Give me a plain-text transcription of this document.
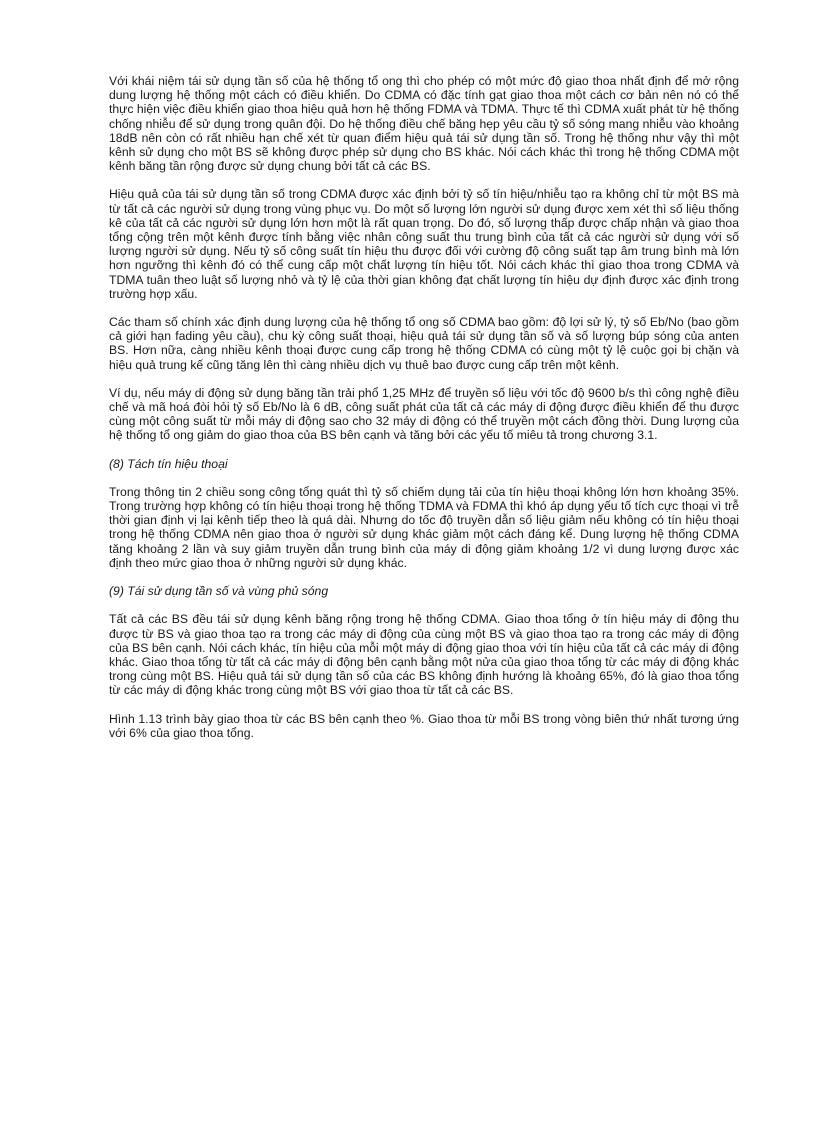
Với khái niệm tái sử dụng tần số của hệ thống tổ ong thì cho phép có một mức độ giao thoa nhất định để mở rộng dung lượng hệ thống một cách có điều khiển. Do CDMA có đặc tính gạt giao thoa một cách cơ bản nên nó có thể thực hiện việc điều khiển giao thoa hiệu quả hơn hệ thống FDMA và TDMA. Thực tế thì CDMA xuất phát từ hệ thống chống nhiễu để sử dụng trong quân đội. Do hệ thống điều chế băng hẹp yêu cầu tỷ số sóng mang nhiễu vào khoảng 18dB nên còn có rất nhiều hạn chế xét từ quan điểm hiệu quả tái sử dụng tần số. Trong hệ thống như vậy thì một kênh sử dụng cho một BS sẽ không được phép sử dụng cho BS khác. Nói cách khác thì trong hệ thống CDMA một kênh băng tần rộng được sử dụng chung bởi tất cả các BS.

Hiệu quả của tái sử dụng tần số trong CDMA được xác định bởi tỷ số tín hiệu/nhiễu tạo ra không chỉ từ một BS mà từ tất cả các người sử dụng trong vùng phục vụ. Do một số lượng lớn người sử dụng được xem xét thì số liệu thống kê của tất cả các người sử dụng lớn hơn một là rất quan trọng. Do đó, số lượng thấp được chấp nhận và giao thoa tổng cộng trên một kênh được tính bằng việc nhân công suất thu trung bình của tất cả các người sử dụng với số lượng người sử dụng. Nếu tỷ số công suất tín hiệu thu được đối với cường độ công suất tạp âm trung bình mà lớn hơn ngưỡng thì kênh đó có thể cung cấp một chất lượng tín hiệu tốt. Nói cách khác thì giao thoa trong CDMA và TDMA tuân theo luật số lượng nhỏ và tỷ lệ của thời gian không đạt chất lượng tín hiệu dự định được xác định trong trường hợp xấu.

Các tham số chính xác định dung lượng của hệ thống tổ ong số CDMA bao gồm: độ lợi sử lý, tỷ số Eb/No (bao gồm cả giới hạn fading yêu cầu), chu kỳ công suất thoại, hiệu quả tái sử dụng tần số và số lượng búp sóng của anten BS. Hơn nữa, càng nhiều kênh thoại được cung cấp trong hệ thống CDMA có cùng một tỷ lệ cuộc gọi bị chặn và hiệu quả trung kế cũng tăng lên thì càng nhiều dịch vụ thuê bao được cung cấp trên một kênh.

Ví dụ, nếu máy di động sử dụng băng tần trải phổ 1,25 MHz để truyền số liệu với tốc độ 9600 b/s thì công nghệ điều chế và mã hoá đòi hỏi tỷ số Eb/No là 6 dB, công suất phát của tất cả các máy di động được điều khiển để thu được cùng một công suất từ mỗi máy di động sao cho 32 máy di động có thể truyền một cách đồng thời. Dung lượng của hệ thống tổ ong giảm do giao thoa của BS bên cạnh và tăng bởi các yếu tố miêu tả trong chương 3.1.

(8) Tách tín hiệu thoại

Trong thông tin 2 chiều song công tổng quát thì tỷ số chiếm dụng tải của tín hiệu thoại không lớn hơn khoảng 35%. Trong trường hợp không có tín hiệu thoại trong hệ thống TDMA và FDMA thì khó áp dụng yếu tố tích cực thoại vì trễ thời gian định vị lại kênh tiếp theo là quá dài. Nhưng do tốc độ truyền dẫn số liệu giảm nếu không có tín hiệu thoại trong hệ thống CDMA nên giao thoa ở người sử dụng khác giảm một cách đáng kể. Dung lượng hệ thống CDMA tăng khoảng 2 lần và suy giảm truyền dẫn trung bình của máy di động giảm khoảng 1/2 vì dung lượng được xác định theo mức giao thoa ở những người sử dụng khác.

(9) Tái sử dụng tần số và vùng phủ sóng

Tất cả các BS đều tái sử dụng kênh băng rộng trong hệ thống CDMA. Giao thoa tổng ở tín hiệu máy di động thu được từ BS và giao thoa tạo ra trong các máy di động của cùng một BS và giao thoa tạo ra trong các máy di động của BS bên cạnh. Nói cách khác, tín hiệu của mỗi một máy di động giao thoa với tín hiệu của tất cả các máy di động khác. Giao thoa tổng từ tất cả các máy di động bên cạnh bằng một nửa của giao thoa tổng từ các máy di động khác trong cùng một BS. Hiệu quả tái sử dụng tần số của các BS không định hướng là khoảng 65%, đó là giao thoa tổng từ các máy di động khác trong cùng một BS với giao thoa từ tất cả các BS.

Hình 1.13 trình bày giao thoa từ các BS bên cạnh theo %. Giao thoa từ mỗi BS trong vòng biên thứ nhất tương ứng với 6% của giao thoa tổng.
